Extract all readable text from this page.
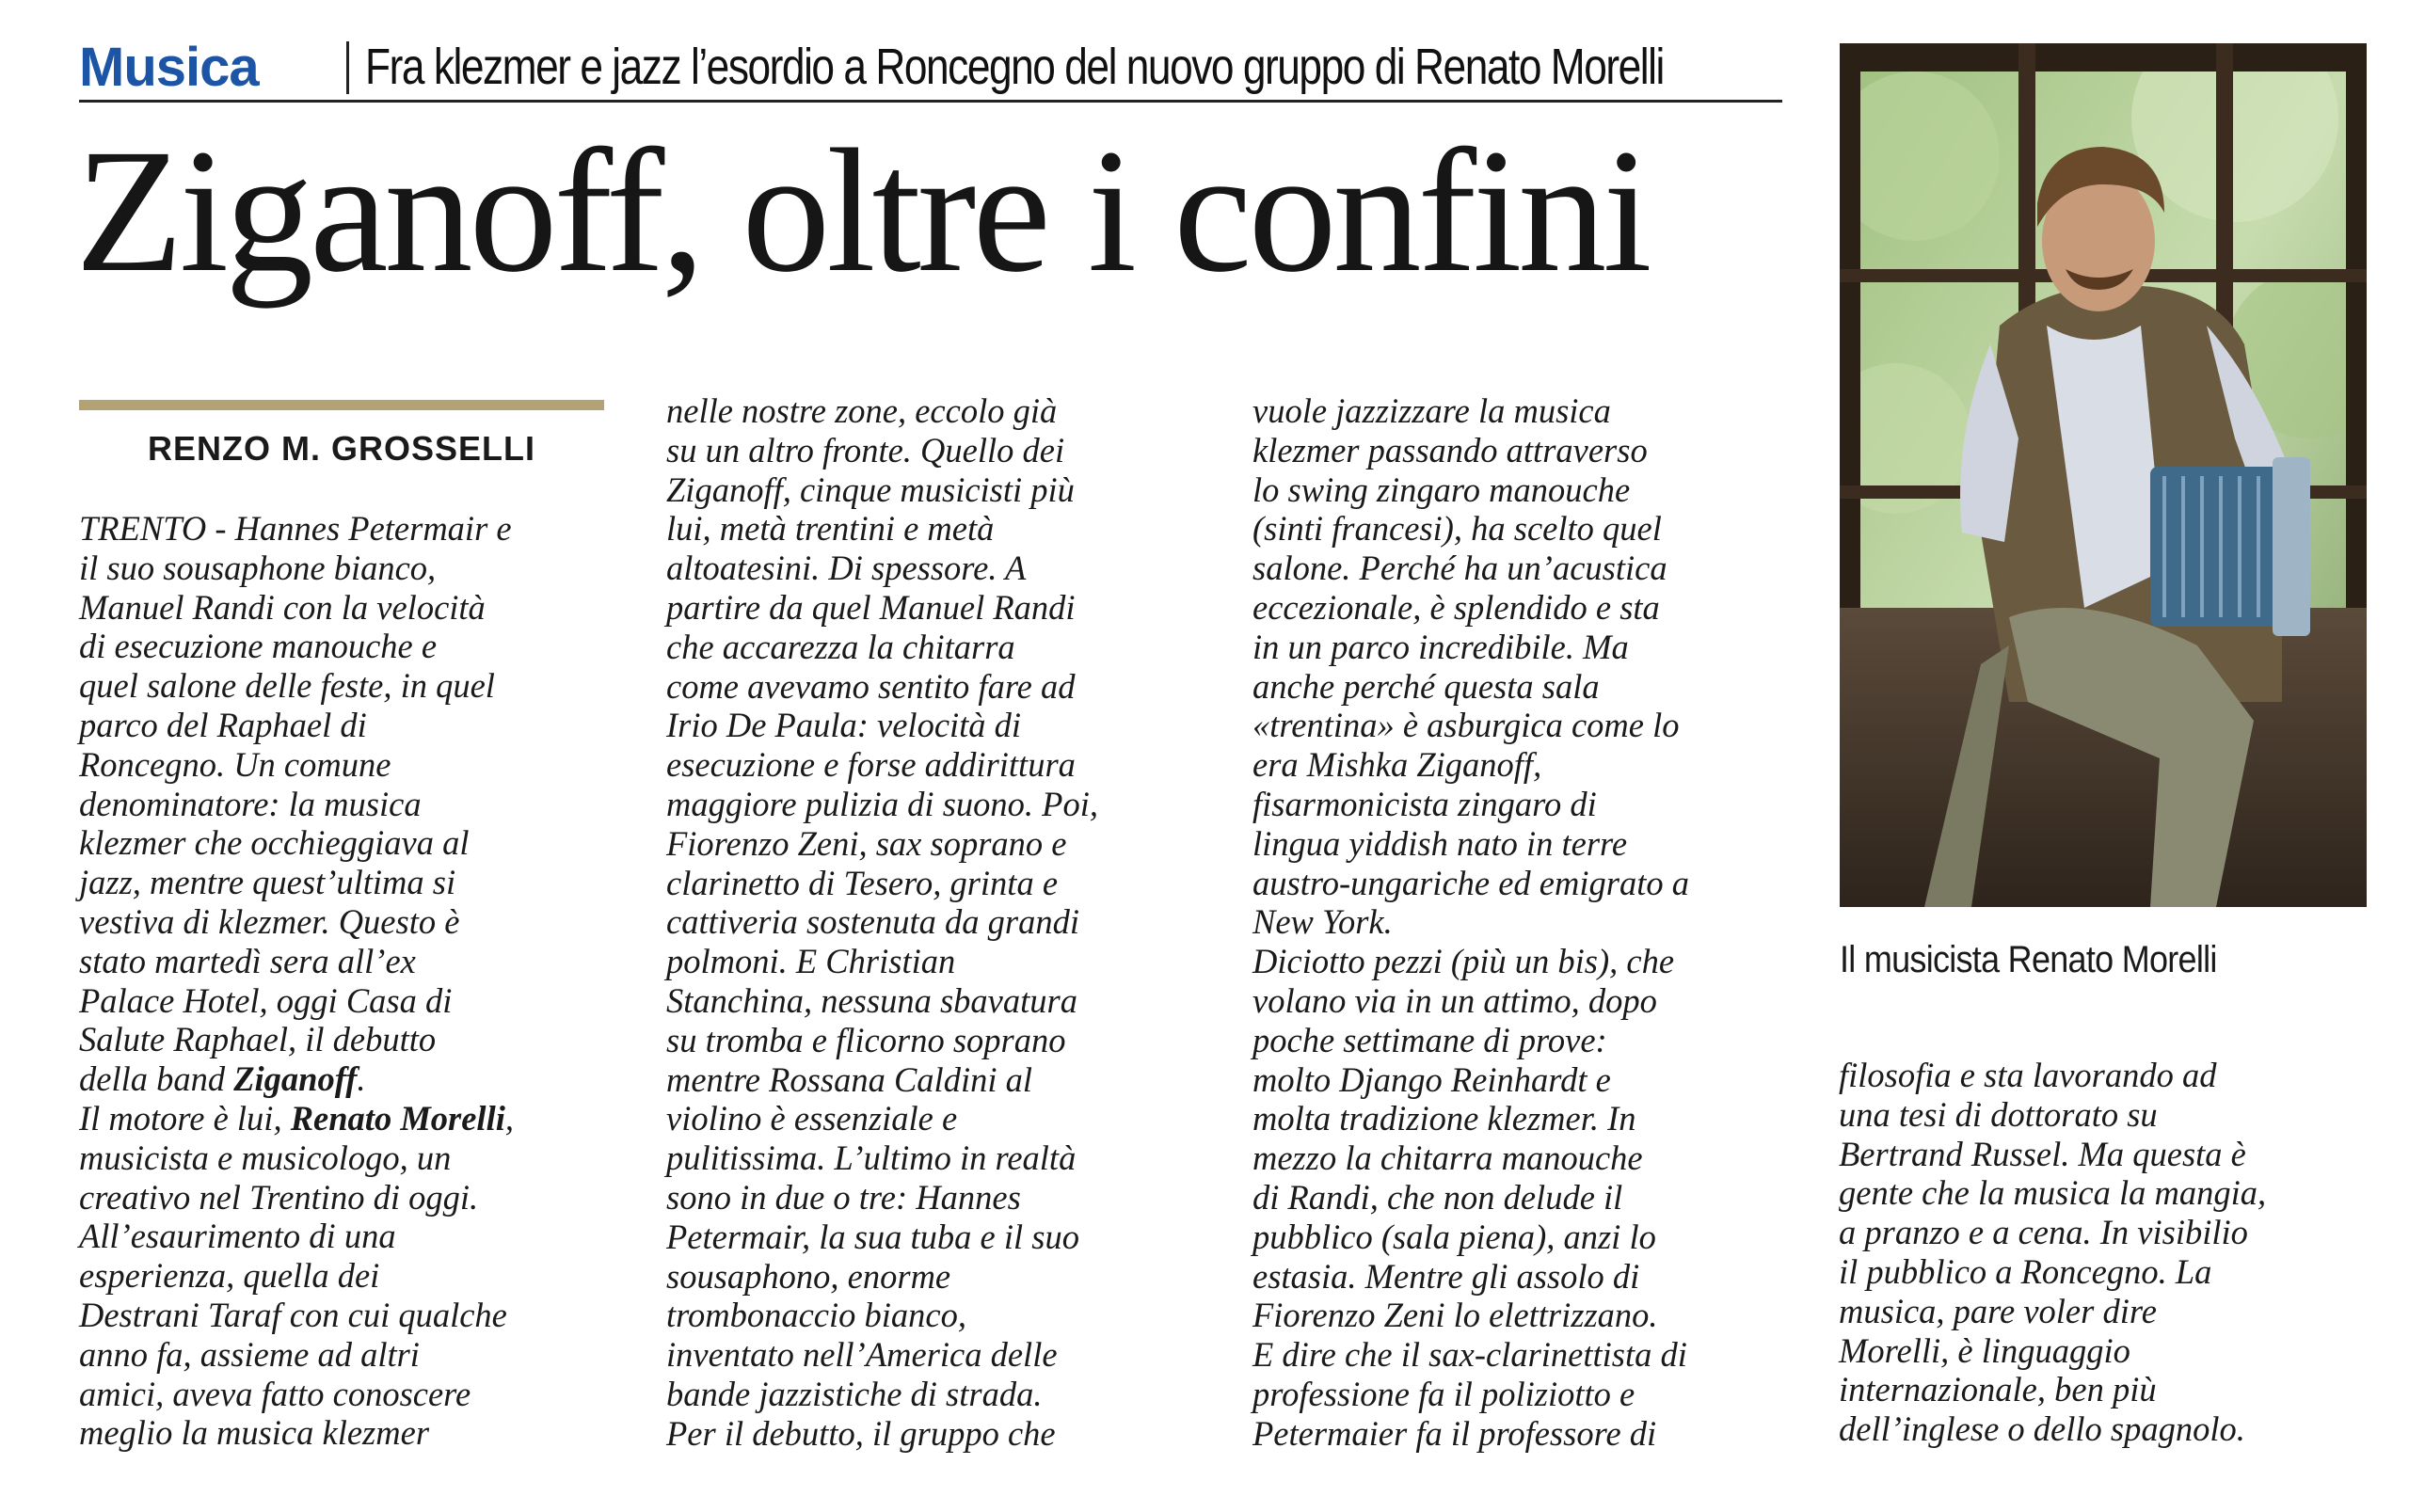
Musica Fra klezmer e jazz l’esordio a Roncegno del nuovo gruppo di Renato Morelli
Ziganoff, oltre i confini
RENZO M. GROSSELLI
TRENTO - Hannes Petermair e
il suo sousaphone bianco,
Manuel Randi con la velocità
di esecuzione manouche e
quel salone delle feste, in quel
parco del Raphael di
Roncegno. Un comune
denominatore: la musica
klezmer che occhieggiava al
jazz, mentre quest’ultima si
vestiva di klezmer. Questo è
stato martedì sera all’ex
Palace Hotel, oggi Casa di
Salute Raphael, il debutto
della band Ziganoff.
Il motore è lui, Renato Morelli,
musicista e musicologo, un
creativo nel Trentino di oggi.
All’esaurimento di una
esperienza, quella dei
Destrani Taraf con cui qualche
anno fa, assieme ad altri
amici, aveva fatto conoscere
meglio la musica klezmer
nelle nostre zone, eccolo già
su un altro fronte. Quello dei
Ziganoff, cinque musicisti più
lui, metà trentini e metà
altoatesini. Di spessore. A
partire da quel Manuel Randi
che accarezza la chitarra
come avevamo sentito fare ad
Irio De Paula: velocità di
esecuzione e forse addirittura
maggiore pulizia di suono. Poi,
Fiorenzo Zeni, sax soprano e
clarinetto di Tesero, grinta e
cattiveria sostenuta da grandi
polmoni. E Christian
Stanchina, nessuna sbavatura
su tromba e flicorno soprano
mentre Rossana Caldini al
violino è essenziale e
pulitissima. L’ultimo in realtà
sono in due o tre: Hannes
Petermair, la sua tuba e il suo
sousaphono, enorme
trombonaccio bianco,
inventato nell’America delle
bande jazzistiche di strada.
Per il debutto, il gruppo che
vuole jazzizzare la musica
klezmer passando attraverso
lo swing zingaro manouche
(sinti francesi), ha scelto quel
salone. Perché ha un’acustica
eccezionale, è splendido e sta
in un parco incredibile. Ma
anche perché questa sala
«trentina» è asburgica come lo
era Mishka Ziganoff,
fisarmonicista zingaro di
lingua yiddish nato in terre
austro-ungariche ed emigrato a
New York.
Diciotto pezzi (più un bis), che
volano via in un attimo, dopo
poche settimane di prove:
molto Django Reinhardt e
molta tradizione klezmer. In
mezzo la chitarra manouche
di Randi, che non delude il
pubblico (sala piena), anzi lo
estasia. Mentre gli assolo di
Fiorenzo Zeni lo elettrizzano.
E dire che il sax-clarinettista di
professione fa il poliziotto e
Petermaier fa il professore di
Il musicista Renato Morelli
filosofia e sta lavorando ad
una tesi di dottorato su
Bertrand Russel. Ma questa è
gente che la musica la mangia,
a pranzo e a cena. In visibilio
il pubblico a Roncegno. La
musica, pare voler dire
Morelli, è linguaggio
internazionale, ben più
dell’inglese o dello spagnolo.
